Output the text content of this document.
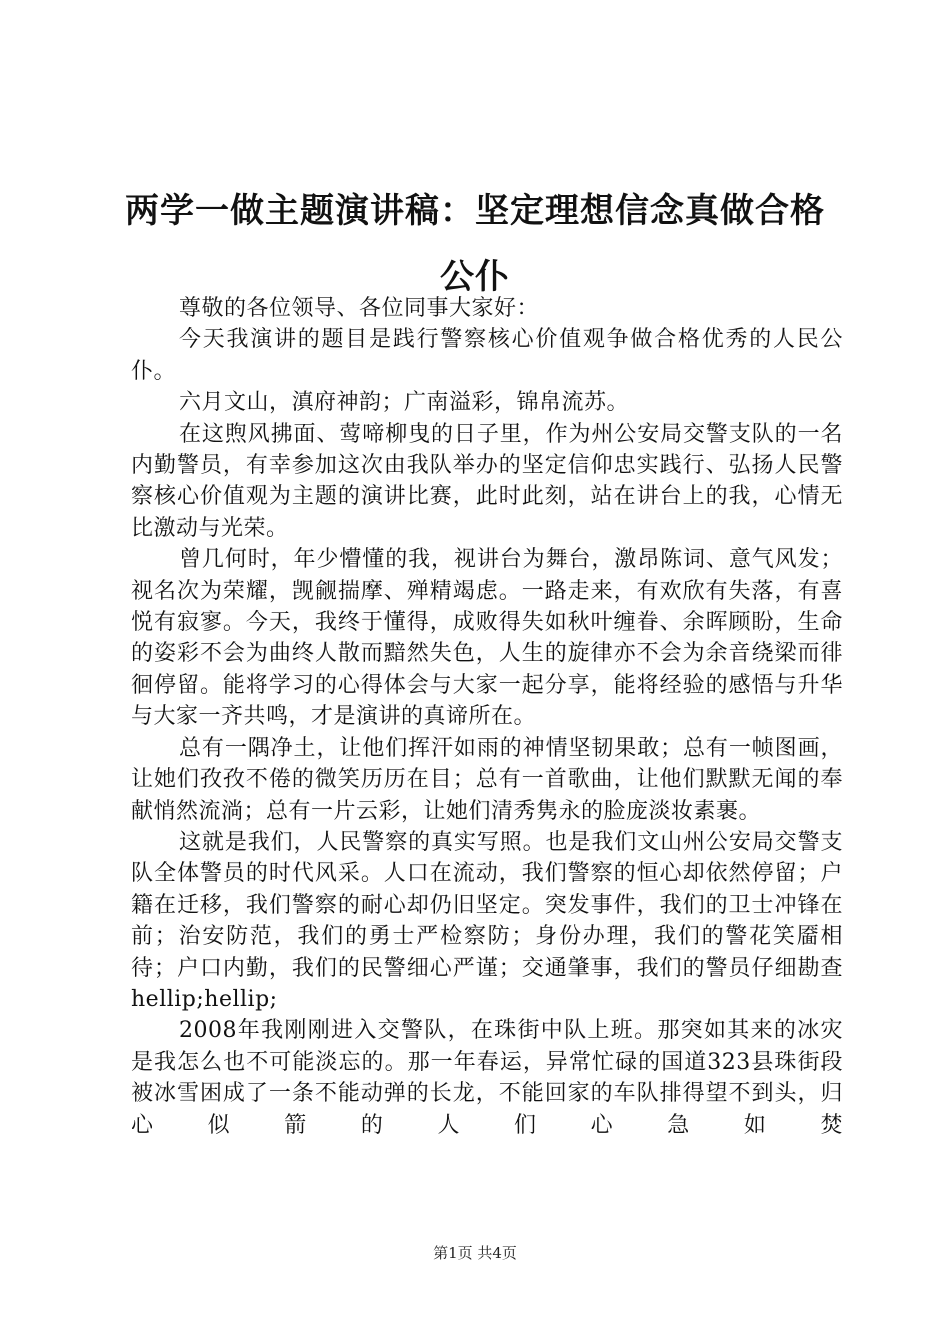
两学一做主题演讲稿：坚定理想信念真做合格公仆

尊敬的各位领导、各位同事大家好：

今天我演讲的题目是践行警察核心价值观争做合格优秀的人民公仆。

六月文山，滇府神韵；广南溢彩，锦帛流苏。

在这煦风拂面、莺啼柳曳的日子里，作为州公安局交警支队的一名内勤警员，有幸参加这次由我队举办的坚定信仰忠实践行、弘扬人民警察核心价值观为主题的演讲比赛，此时此刻，站在讲台上的我，心情无比激动与光荣。

曾几何时，年少懵懂的我，视讲台为舞台，激昂陈词、意气风发；视名次为荣耀，觊觎揣摩、殚精竭虑。一路走来，有欢欣有失落，有喜悦有寂寥。今天，我终于懂得，成败得失如秋叶缠眷、余晖顾盼，生命的姿彩不会为曲终人散而黯然失色，人生的旋律亦不会为余音绕梁而徘徊停留。能将学习的心得体会与大家一起分享，能将经验的感悟与升华与大家一齐共鸣，才是演讲的真谛所在。

总有一隅净土，让他们挥汗如雨的神情坚韧果敢；总有一帧图画，让她们孜孜不倦的微笑历历在目；总有一首歌曲，让他们默默无闻的奉献悄然流淌；总有一片云彩，让她们清秀隽永的脸庞淡妆素裹。

这就是我们，人民警察的真实写照。也是我们文山州公安局交警支队全体警员的时代风采。人口在流动，我们警察的恒心却依然停留；户籍在迁移，我们警察的耐心却仍旧坚定。突发事件，我们的卫士冲锋在前；治安防范，我们的勇士严检察防；身份办理，我们的警花笑靥相待；户口内勤，我们的民警细心严谨；交通肇事，我们的警员仔细勘查hellip;hellip;

2008年我刚刚进入交警队，在珠街中队上班。那突如其来的冰灾是我怎么也不可能淡忘的。那一年春运，异常忙碌的国道323县珠街段被冰雪困成了一条不能动弹的长龙，不能回家的车队排得望不到头，归心似箭的人们心急如焚

第1页 共4页
